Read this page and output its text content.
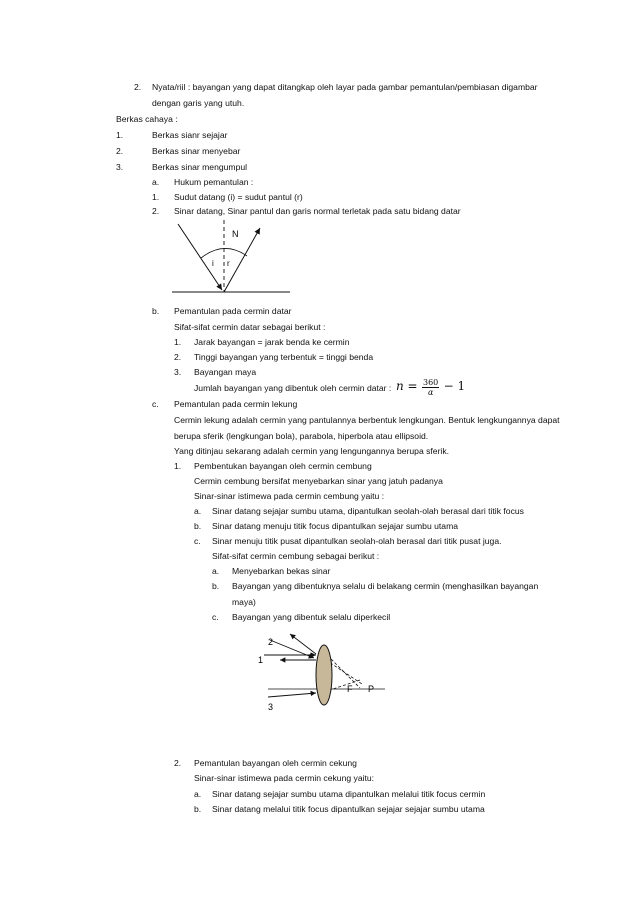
2. Nyata/riil : bayangan yang dapat ditangkap oleh layar pada gambar pemantulan/pembiasan digambar
dengan garis yang utuh.
Berkas cahaya :
1.	Berkas sianr sejajar
2.	Berkas sinar menyebar
3.	Berkas sinar mengumpul
a. Hukum pemantulan :
1. Sudut datang (i) = sudut pantul (r)
2. Sinar datang, Sinar pantul dan garis normal terletak pada satu bidang datar
b. Pemantulan pada cermin datar
Sifat-sifat cermin datar sebagai berikut :
1. Jarak bayangan = jarak benda ke cermin
2. Tinggi bayangan yang terbentuk = tinggi benda
3. Bayangan maya
Jumlah bayangan yang dibentuk oleh cermin datar : $n = \frac{360}{\alpha} - 1$
c. Pemantulan pada cermin lekung
Cermin lekung adalah cermin yang pantulannya berbentuk lengkungan. Bentuk lengkungannya dapat
berupa sferik (lengkungan bola), parabola, hiperbola atau ellipsoid.
Yang ditinjau sekarang adalah cermin yang lengungannya berupa sferik.
1. Pembentukan bayangan oleh cermin cembung
Cermin cembung bersifat menyebarkan sinar yang jatuh padanya
Sinar-sinar istimewa pada cermin cembung yaitu :
a. Sinar datang sejajar sumbu utama, dipantulkan seolah-olah berasal dari titik focus
b. Sinar datang menuju titik focus dipantulkan sejajar sumbu utama
c. Sinar menuju titik pusat dipantulkan seolah-olah berasal dari titik pusat juga.
Sifat-sifat cermin cembung sebagai berikut :
a. Menyebarkan bekas sinar
b. Bayangan yang dibentuknya selalu di belakang cermin (menghasilkan bayangan
maya)
c. Bayangan yang dibentuk selalu diperkecil
2. Pemantulan bayangan oleh cermin cekung
Sinar-sinar istimewa pada cermin cekung yaitu:
a. Sinar datang sejajar sumbu utama dipantulkan melalui titik focus cermin
b. Sinar datang melalui titik focus dipantulkan sejajar sejajar sumbu utama
N
i r
2
1
3
F P
